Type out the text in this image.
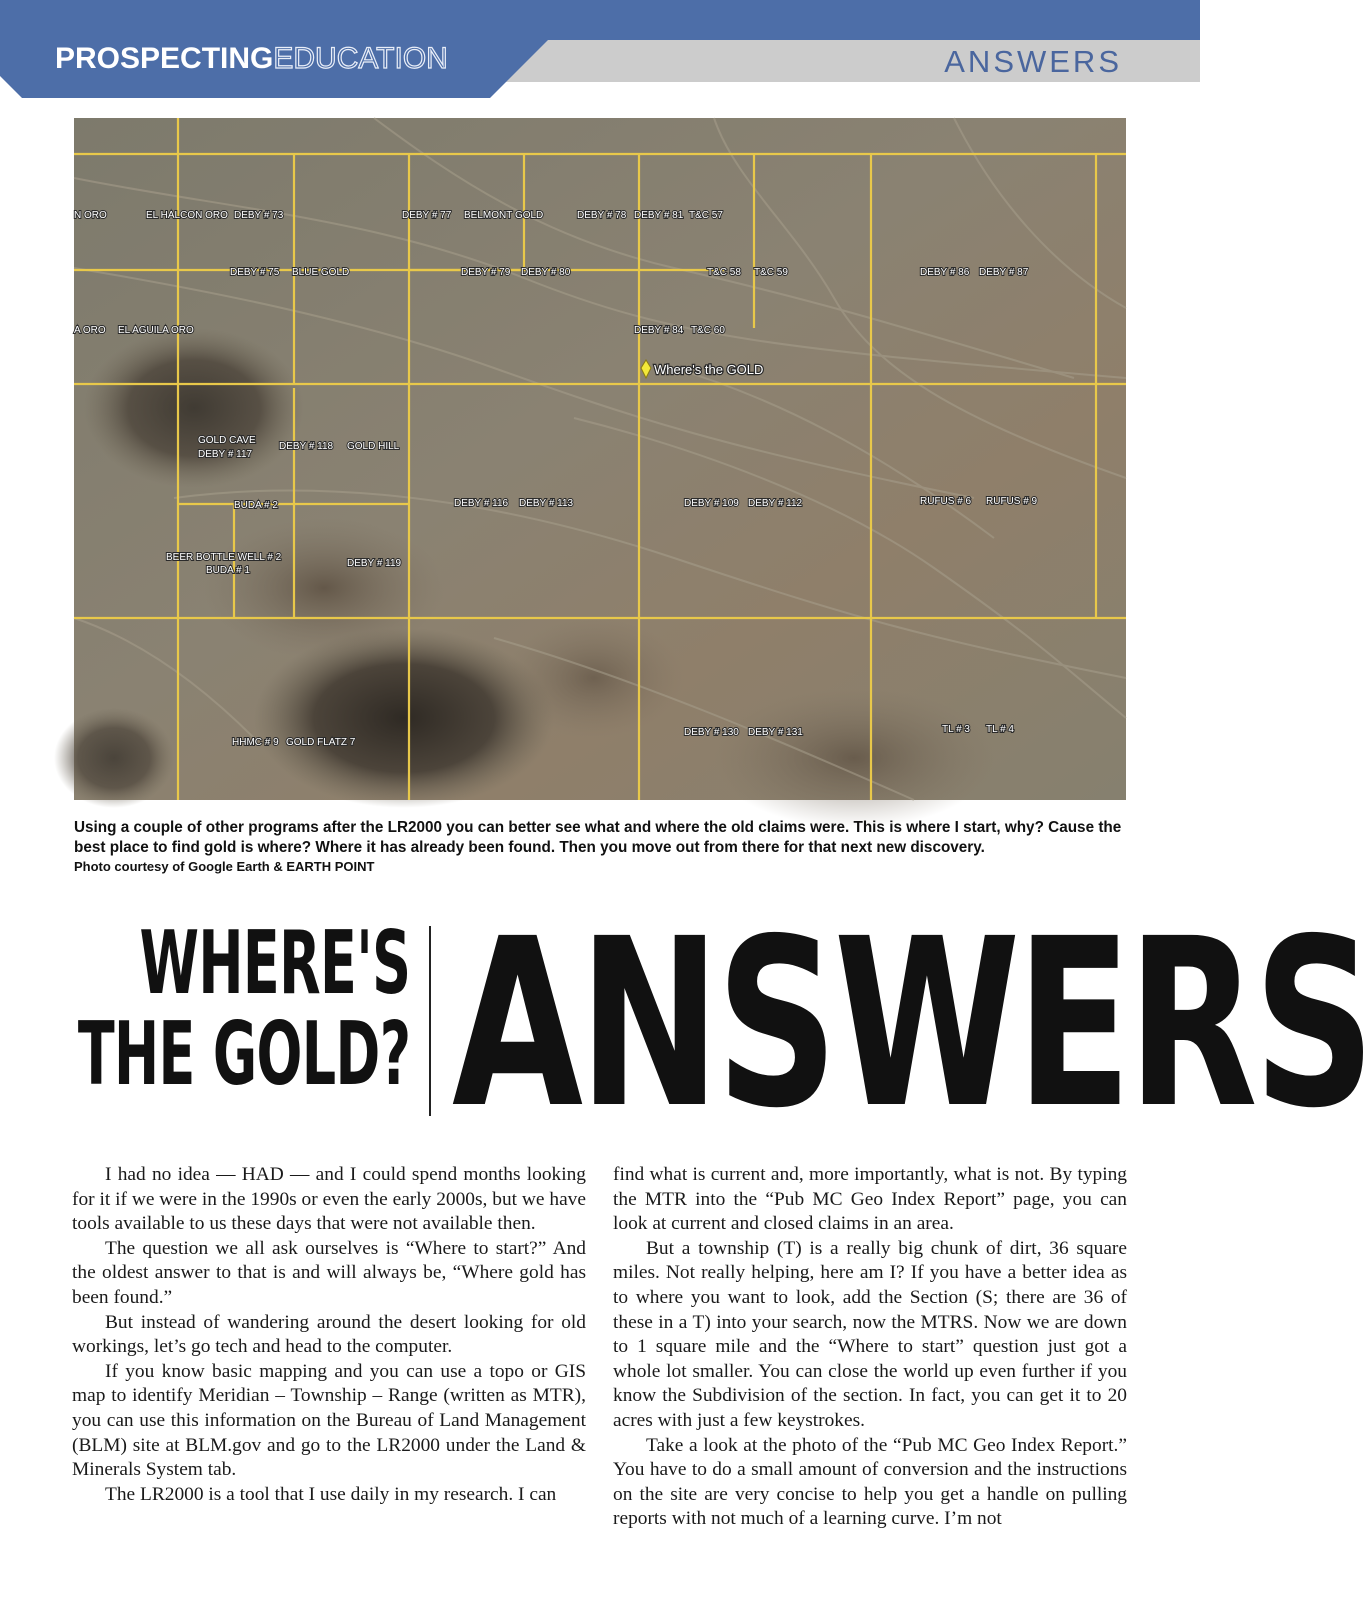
PROSPECTINGEDUCATION	ANSWERS
N ORO	EL HALCON ORO DEBY # 73	DEBY # 77 BELMONT GOLD	DEBY # 78 DEBY # 81 T&C 57
DEBY # 75 BLUE GOLD	DEBY # 79 DEBY # 80	T&C 58 T&C 59	DEBY # 86 DEBY # 87
A ORO EL AGUILA ORO	DEBY # 84 T&C 60
GOLD CAVE
DEBY # 117
DEBY # 118 GOLD HILL
BUDA # 2	DEBY # 116 DEBY # 113	DEBY # 109 DEBY # 112	RUFUS # 6 RUFUS # 9
BEER BOTTLE WELL # 2
BUDA # 1
DEBY # 119
HHMC # 9 GOLD FLATZ 7
DEBY # 130 DEBY # 131	TL # 3 TL # 4
Where's the GOLD

Using a couple of other programs after the LR2000 you can better see what and where the old claims were. This is where I start, why? Cause the best place to find gold is where? Where it has already been found. Then you move out from there for that next new discovery.

Photo courtesy of Google Earth & EARTH POINT

WHERE'S
THE GOLD? ANSWERS

I had no idea — HAD — and I could spend months looking for it if we were in the 1990s or even the early 2000s, but we have tools available to us these days that were not available then.

The question we all ask ourselves is “Where to start?” And the oldest answer to that is and will always be, “Where gold has been found.”

But instead of wandering around the desert looking for old workings, let’s go tech and head to the computer.

If you know basic mapping and you can use a topo or GIS map to identify Meridian – Township – Range (written as MTR), you can use this information on the Bureau of Land Management (BLM) site at BLM.gov and go to the LR2000 under the Land & Minerals System tab.

The LR2000 is a tool that I use daily in my research. I can

find what is current and, more importantly, what is not. By typing the MTR into the “Pub MC Geo Index Report” page, you can look at current and closed claims in an area.

But a township (T) is a really big chunk of dirt, 36 square miles. Not really helping, here am I? If you have a better idea as to where you want to look, add the Section (S; there are 36 of these in a T) into your search, now the MTRS. Now we are down to 1 square mile and the “Where to start” question just got a whole lot smaller. You can close the world up even further if you know the Subdivision of the section. In fact, you can get it to 20 acres with just a few keystrokes.

Take a look at the photo of the “Pub MC Geo Index Report.” You have to do a small amount of conversion and the instructions on the site are very concise to help you get a handle on pulling reports with not much of a learning curve. I’m not
